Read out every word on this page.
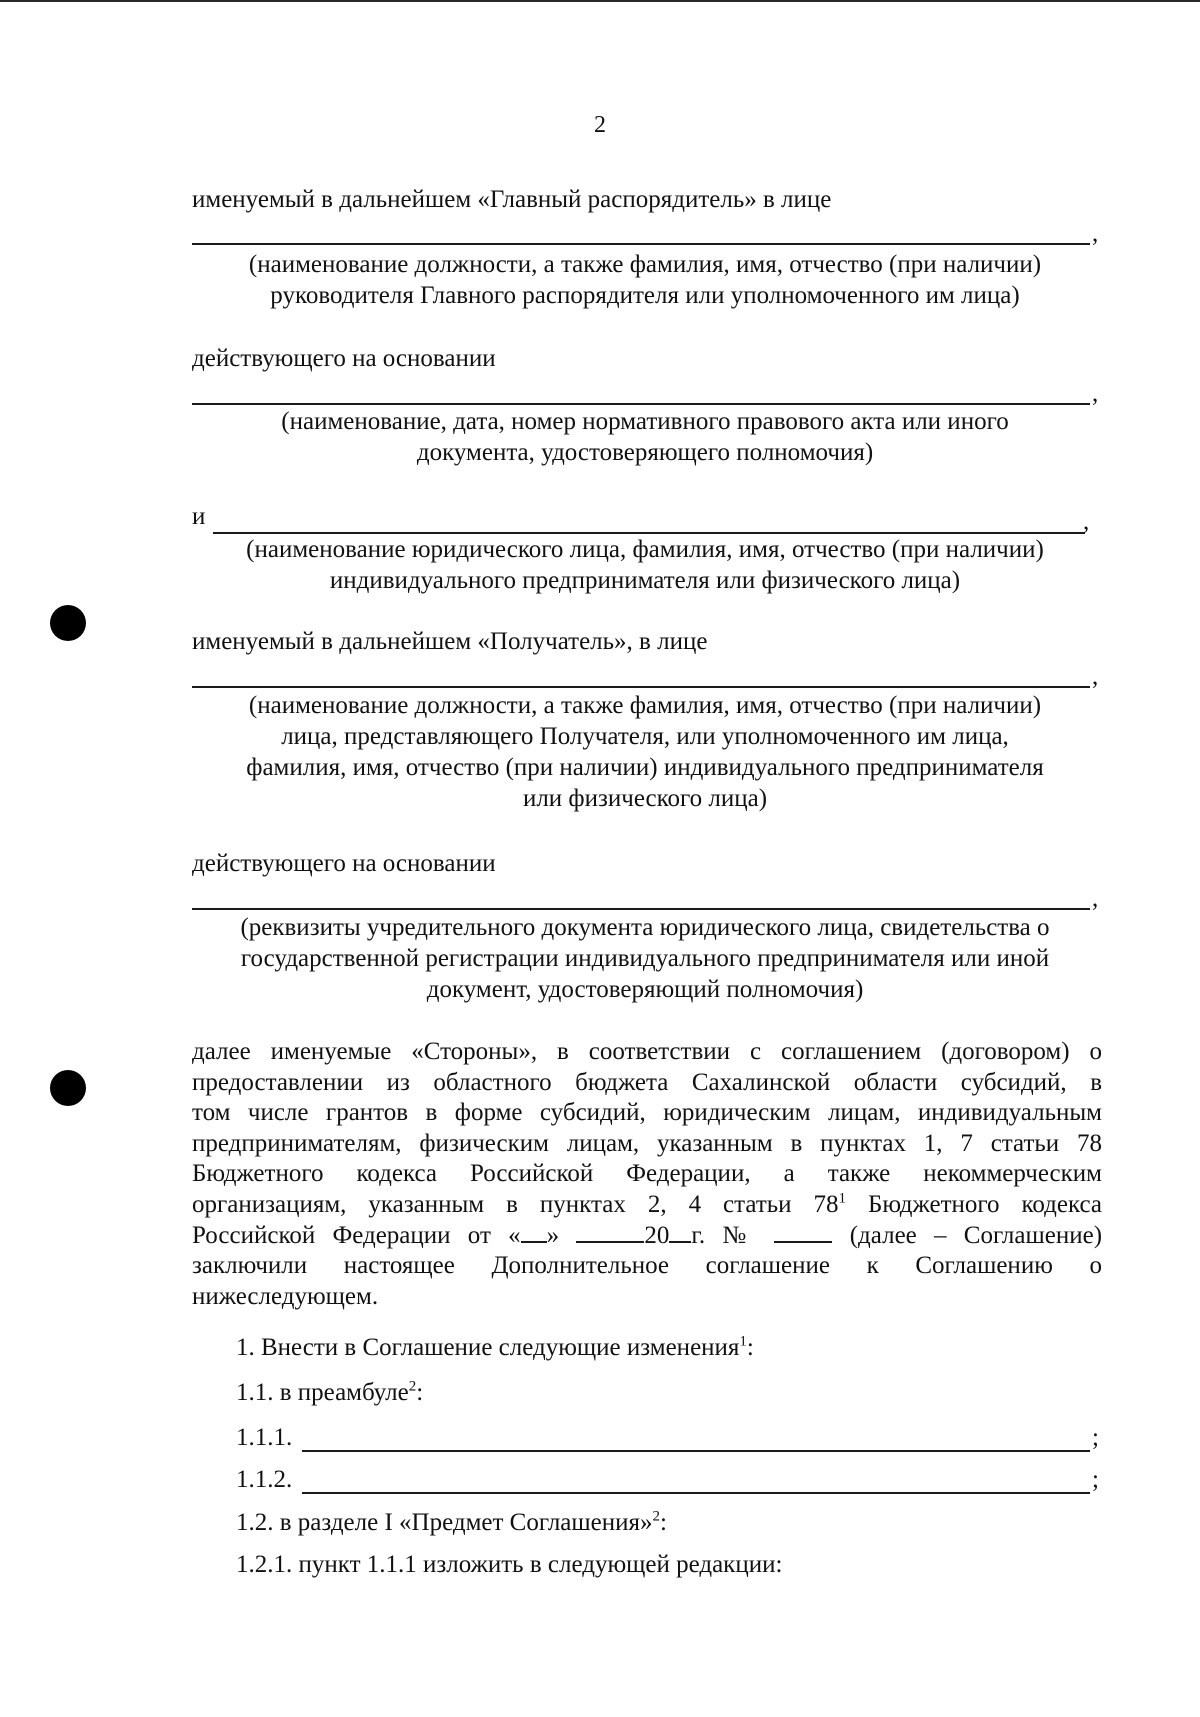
2
именуемый в дальнейшем «Главный распорядитель» в лице
,
(наименование должности, а также фамилия, имя, отчество (при наличии)
руководителя Главного распорядителя или уполномоченного им лица)
действующего на основании
,
(наименование, дата, номер нормативного правового акта или иного
документа, удостоверяющего полномочия)
и	,
(наименование юридического лица, фамилия, имя, отчество (при наличии)
индивидуального предпринимателя или физического лица)
именуемый в дальнейшем «Получатель», в лице
,
(наименование должности, а также фамилия, имя, отчество (при наличии)
лица, представляющего Получателя, или уполномоченного им лица,
фамилия, имя, отчество (при наличии) индивидуального предпринимателя
или физического лица)
действующего на основании
,
(реквизиты учредительного документа юридического лица, свидетельства о
государственной регистрации индивидуального предпринимателя или иной
документ, удостоверяющий полномочия)
далее именуемые «Стороны», в соответствии с соглашением (договором) о
предоставлении из областного бюджета Сахалинской области субсидий, в
том числе грантов в форме субсидий, юридическим лицам, индивидуальным
предпринимателям, физическим лицам, указанным в пунктах 1, 7 статьи 78
Бюджетного кодекса Российской Федерации, а также некоммерческим
организациям, указанным в пунктах 2, 4 статьи $78^1$ Бюджетного кодекса
Российской Федерации от « »	20 г. №	(далее – Соглашение)
заключили настоящее Дополнительное соглашение к Соглашению о
нижеследующем.
1. Внести в Соглашение следующие изменения$^1$:
1.1. в преамбуле$^2$:
1.1.1.	;
1.1.2.	;
1.2. в разделе I «Предмет Соглашения»$^2$:
1.2.1. пункт 1.1.1 изложить в следующей редакции:
